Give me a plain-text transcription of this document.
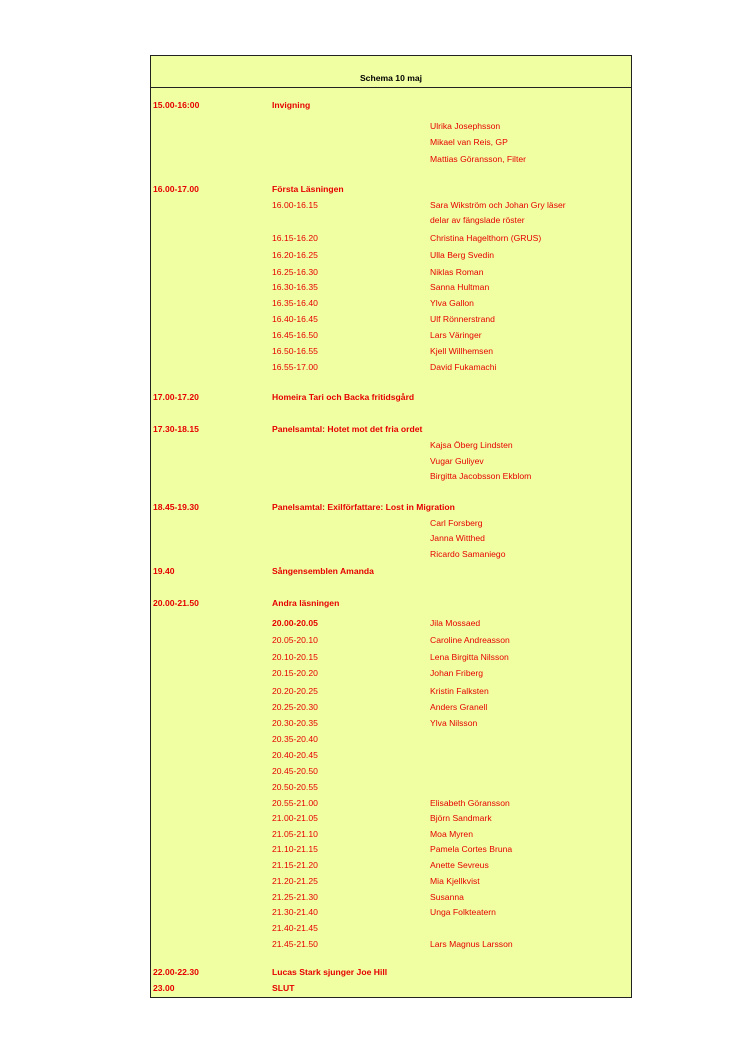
Schema 10 maj
15.00-16:00	Invigning
Ulrika Josephsson
Mikael van Reis, GP
Mattias Göransson, Filter
16.00-17.00	Första Läsningen
16.00-16.15	Sara Wikström och Johan Gry läser
delar av fängslade röster
16.15-16.20	Christina Hagelthorn (GRUS)
16.20-16.25	Ulla Berg Svedin
16.25-16.30	Niklas Roman
16.30-16.35	Sanna Hultman
16.35-16.40	Ylva Gallon
16.40-16.45	Ulf Rönnerstrand
16.45-16.50	Lars Väringer
16.50-16.55	Kjell Willhemsen
16.55-17.00	David Fukamachi
17.00-17.20	Homeira Tari och Backa fritidsgård
17.30-18.15	Panelsamtal: Hotet mot det fria ordet
Kajsa Öberg Lindsten
Vugar Guliyev
Birgitta Jacobsson Ekblom
18.45-19.30	Panelsamtal: Exilförfattare: Lost in Migration
Carl Forsberg
Janna Witthed
Ricardo Samaniego
19.40	Sångensemblen Amanda
20.00-21.50	Andra läsningen
20.00-20.05	Jila Mossaed
20.05-20.10	Caroline Andreasson
20.10-20.15	Lena Birgitta Nilsson
20.15-20.20	Johan Friberg
20.20-20.25	Kristin Falksten
20.25-20.30	Anders Granell
20.30-20.35	Ylva Nilsson
20.35-20.40
20.40-20.45
20.45-20.50
20.50-20.55
20.55-21.00	Elisabeth Göransson
21.00-21.05	Björn Sandmark
21.05-21.10	Moa Myren
21.10-21.15	Pamela Cortes Bruna
21.15-21.20	Anette Sevreus
21.20-21.25	Mia Kjellkvist
21.25-21.30	Susanna
21.30-21.40	Unga Folkteatern
21.40-21.45
21.45-21.50	Lars Magnus Larsson
22.00-22.30	Lucas Stark sjunger Joe Hill
23.00	SLUT
